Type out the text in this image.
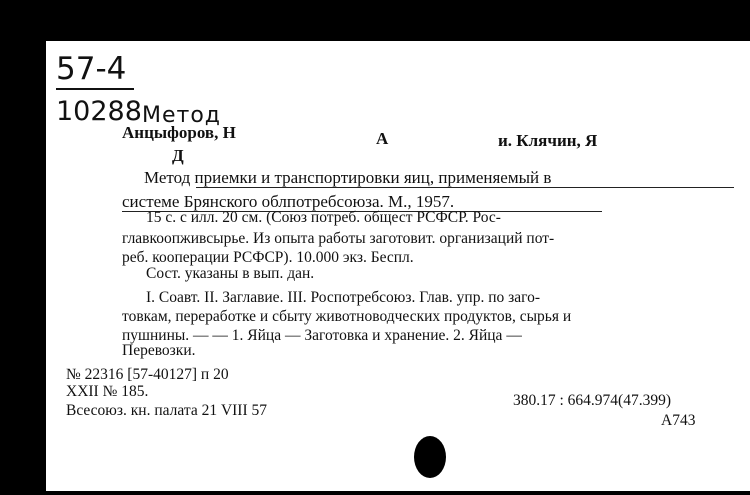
57-4
10288 Метод
Анцыфоров, Н	А	и. Клячин, Я
Д
Метод приемки и транспортировки яиц, применяемый в
системе Брянского облпотребсоюза. М., 1957.
15 с. с илл. 20 см. (Союз потреб. общест РСФСР. Рос-
главкоопживсырье. Из опыта работы заготовит. организаций пот-
реб. кооперации РСФСР). 10.000 экз. Беспл.
Сост. указаны в вып. дан.
I. Соавт. II. Заглавие. III. Роспотребсоюз. Глав. упр. по заго-
товкам, переработке и сбыту животноводческих продуктов, сырья и
пушнины. — — 1. Яйца — Заготовка и хранение. 2. Яйца —
Перевозки.
№ 22316 [57-40127] п 20
XXII № 185.
Всесоюз. кн. палата 21 VIII 57
380.17 : 664.974(47.399)
А743
